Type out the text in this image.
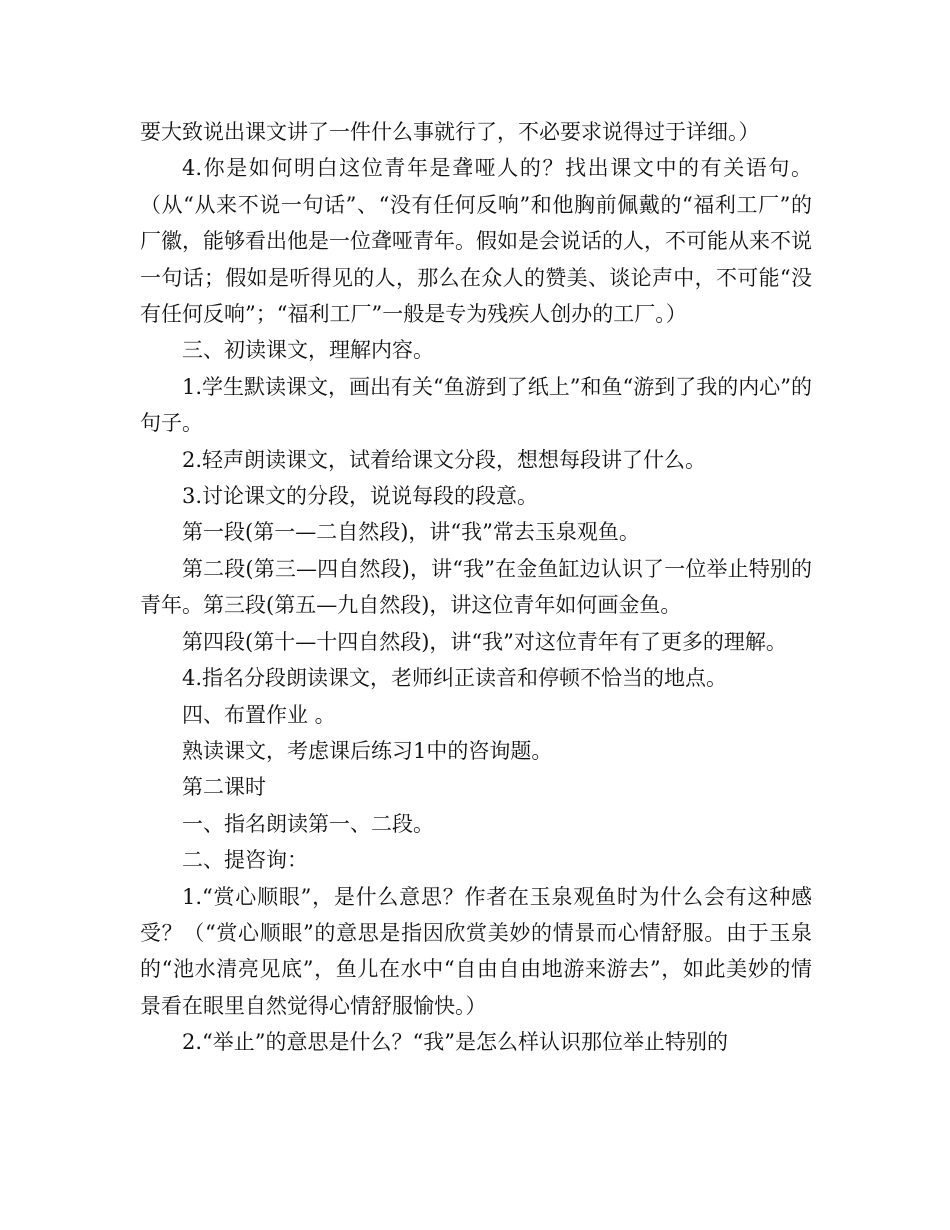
要大致说出课文讲了一件什么事就行了，不必要求说得过于详细。）

4.你是如何明白这位青年是聋哑人的？找出课文中的有关语句。（从“从来不说一句话”、“没有任何反响”和他胸前佩戴的“福利工厂”的厂徽，能够看出他是一位聋哑青年。假如是会说话的人，不可能从来不说一句话；假如是听得见的人，那么在众人的赞美、谈论声中，不可能“没有任何反响”；“福利工厂”一般是专为残疾人创办的工厂。）

三、初读课文，理解内容。

1.学生默读课文，画出有关“鱼游到了纸上”和鱼“游到了我的内心”的句子。

2.轻声朗读课文，试着给课文分段，想想每段讲了什么。

3.讨论课文的分段，说说每段的段意。

第一段(第一—二自然段)，讲“我”常去玉泉观鱼。

第二段(第三—四自然段)，讲“我”在金鱼缸边认识了一位举止特别的青年。第三段(第五—九自然段)，讲这位青年如何画金鱼。

第四段(第十—十四自然段)，讲“我”对这位青年有了更多的理解。

4.指名分段朗读课文，老师纠正读音和停顿不恰当的地点。

四、布置作业 。

熟读课文，考虑课后练习1中的咨询题。

第二课时

一、指名朗读第一、二段。

二、提咨询：

1.“赏心顺眼”，是什么意思？作者在玉泉观鱼时为什么会有这种感受？（“赏心顺眼”的意思是指因欣赏美妙的情景而心情舒服。由于玉泉的“池水清亮见底”，鱼儿在水中“自由自由地游来游去”，如此美妙的情景看在眼里自然觉得心情舒服愉快。）

2.“举止”的意思是什么？“我”是怎么样认识那位举止特别的
